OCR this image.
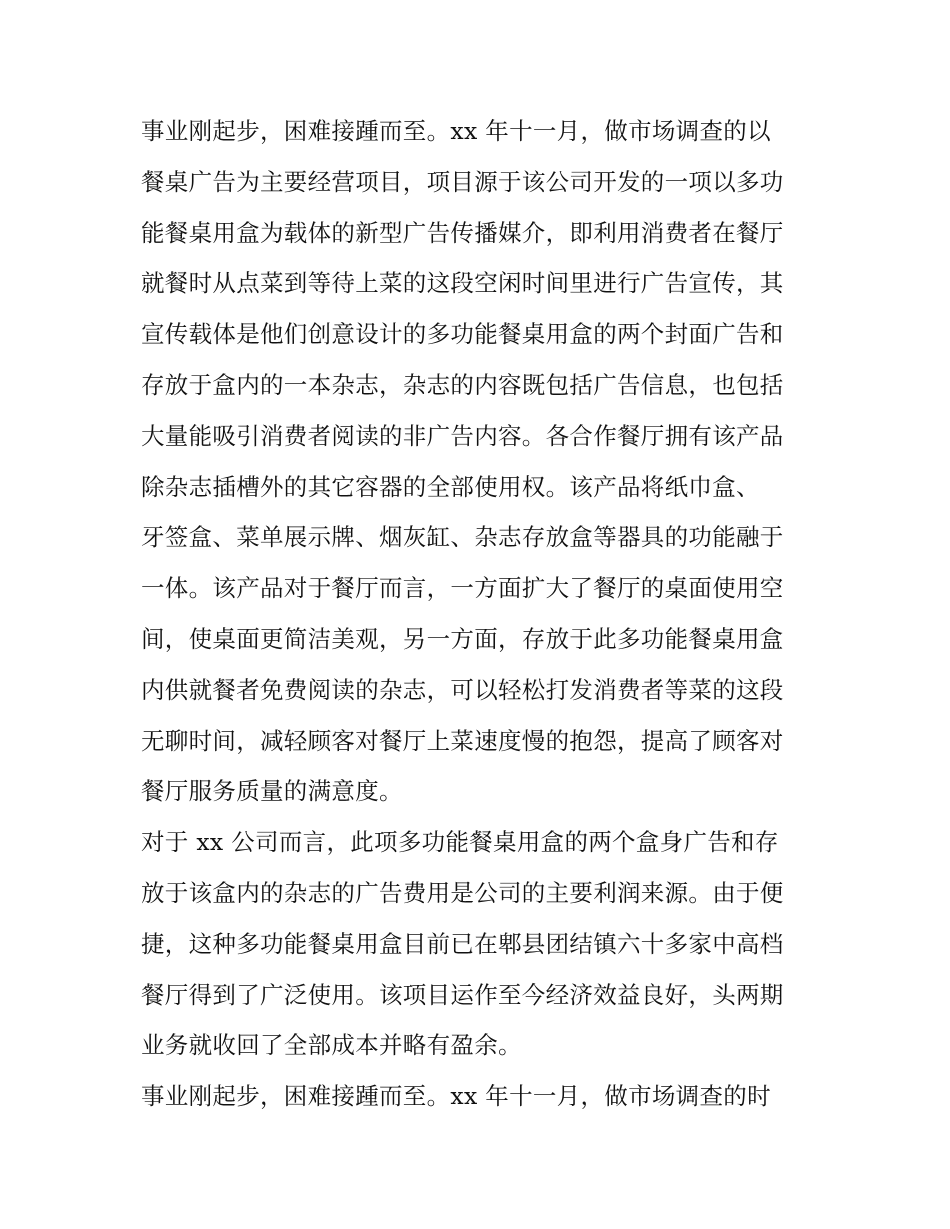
事业刚起步，困难接踵而至。xx 年十一月，做市场调查的以
餐桌广告为主要经营项目，项目源于该公司开发的一项以多功
能餐桌用盒为载体的新型广告传播媒介，即利用消费者在餐厅
就餐时从点菜到等待上菜的这段空闲时间里进行广告宣传，其
宣传载体是他们创意设计的多功能餐桌用盒的两个封面广告和
存放于盒内的一本杂志，杂志的内容既包括广告信息，也包括
大量能吸引消费者阅读的非广告内容。各合作餐厅拥有该产品
除杂志插槽外的其它容器的全部使用权。该产品将纸巾盒、
牙签盒、菜单展示牌、烟灰缸、杂志存放盒等器具的功能融于
一体。该产品对于餐厅而言，一方面扩大了餐厅的桌面使用空
间，使桌面更简洁美观，另一方面，存放于此多功能餐桌用盒
内供就餐者免费阅读的杂志，可以轻松打发消费者等菜的这段
无聊时间，减轻顾客对餐厅上菜速度慢的抱怨，提高了顾客对
餐厅服务质量的满意度。
对于 xx 公司而言，此项多功能餐桌用盒的两个盒身广告和存
放于该盒内的杂志的广告费用是公司的主要利润来源。由于便
捷，这种多功能餐桌用盒目前已在郫县团结镇六十多家中高档
餐厅得到了广泛使用。该项目运作至今经济效益良好，头两期
业务就收回了全部成本并略有盈余。
事业刚起步，困难接踵而至。xx 年十一月，做市场调查的时
